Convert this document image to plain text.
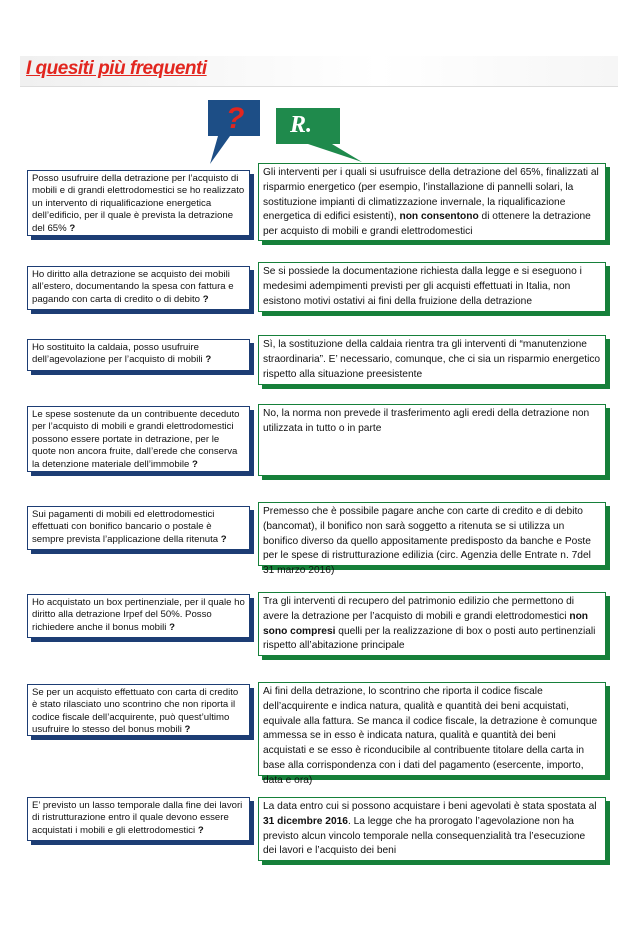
I quesiti più frequenti
? R.
Posso usufruire della detrazione per l’acquisto di mobili e di grandi elettrodomestici se ho realizzato un intervento di riqualificazione energetica dell’edificio, per il quale è prevista la detrazione del 65% ?
Gli interventi per i quali si usufruisce della detrazione del 65%, finalizzati al risparmio energetico (per esempio, l’installazione di pannelli solari, la sostituzione impianti di climatizzazione invernale, la riqualificazione energetica di edifici esistenti), non consentono di ottenere la detrazione per acquisto di mobili e grandi elettrodomestici
Ho diritto alla detrazione se acquisto dei mobili all’estero, documentando la spesa con fattura e pagando con carta di credito o di debito ?
Se si possiede la documentazione richiesta dalla legge e si eseguono i medesimi adempimenti previsti per gli acquisti effettuati in Italia, non esistono motivi ostativi ai fini della fruizione della detrazione
Ho sostituito la caldaia, posso usufruire dell’agevolazione per l’acquisto di mobili ?
Sì, la sostituzione della caldaia rientra tra gli interventi di “manutenzione straordinaria”. E’ necessario, comunque, che ci sia un risparmio energetico rispetto alla situazione preesistente
Le spese sostenute da un contribuente deceduto per l’acquisto di mobili e grandi elettrodomestici possono essere portate in detrazione, per le quote non ancora fruite, dall’erede che conserva la detenzione materiale dell’immobile ?
No, la norma non prevede il trasferimento agli eredi della detrazione non utilizzata in tutto o in parte
Sui pagamenti di mobili ed elettrodomestici effettuati con bonifico bancario o postale è sempre prevista l’applicazione della ritenuta ?
Premesso che è possibile pagare anche con carte di credito e di debito (bancomat), il bonifico non sarà soggetto a ritenuta se si utilizza un bonifico diverso da quello appositamente predisposto da banche e Poste per le spese di ristrutturazione edilizia (circ. Agenzia delle Entrate n. 7del 31 marzo 2016)
Ho acquistato un box pertinenziale, per il quale ho diritto alla detrazione Irpef del 50%. Posso richiedere anche il bonus mobili ?
Tra gli interventi di recupero del patrimonio edilizio che permettono di avere la detrazione per l’acquisto di mobili e grandi elettrodomestici non sono compresi quelli per la realizzazione di box o posti auto pertinenziali rispetto all’abitazione principale
Se per un acquisto effettuato con carta di credito è stato rilasciato uno scontrino che non riporta il codice fiscale dell’acquirente, può quest’ultimo usufruire lo stesso del bonus mobili ?
Ai fini della detrazione, lo scontrino che riporta il codice fiscale dell’acquirente e indica natura, qualità e quantità dei beni acquistati, equivale alla fattura. Se manca il codice fiscale, la detrazione è comunque ammessa se in esso è indicata natura, qualità e quantità dei beni acquistati e se esso è riconducibile al contribuente titolare della carta in base alla corrispondenza con i dati del pagamento (esercente, importo, data e ora)
E’ previsto un lasso temporale dalla fine dei lavori di ristrutturazione entro il quale devono essere acquistati i mobili e gli elettrodomestici ?
La data entro cui si possono acquistare i beni agevolati è stata spostata al 31 dicembre 2016. La legge che ha prorogato l’agevolazione non ha previsto alcun vincolo temporale nella consequenzialità tra l’esecuzione dei lavori e l’acquisto dei beni
